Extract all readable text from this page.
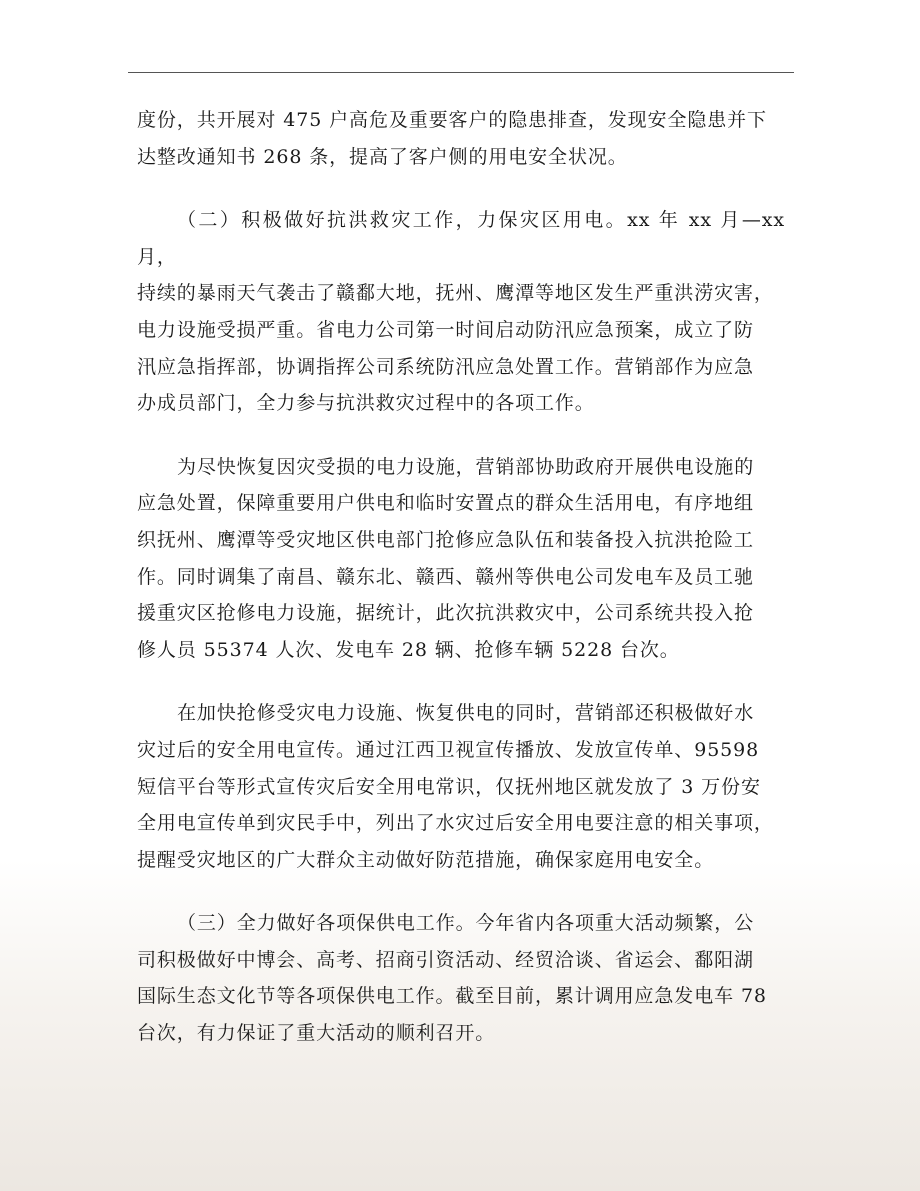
度份，共开展对 475 户高危及重要客户的隐患排查，发现安全隐患并下
达整改通知书 268 条，提高了客户侧的用电安全状况。

（二）积极做好抗洪救灾工作，力保灾区用电。xx 年 xx 月—xx 月，
持续的暴雨天气袭击了赣鄱大地，抚州、鹰潭等地区发生严重洪涝灾害，
电力设施受损严重。省电力公司第一时间启动防汛应急预案，成立了防
汛应急指挥部，协调指挥公司系统防汛应急处置工作。营销部作为应急
办成员部门，全力参与抗洪救灾过程中的各项工作。

为尽快恢复因灾受损的电力设施，营销部协助政府开展供电设施的
应急处置，保障重要用户供电和临时安置点的群众生活用电，有序地组
织抚州、鹰潭等受灾地区供电部门抢修应急队伍和装备投入抗洪抢险工
作。同时调集了南昌、赣东北、赣西、赣州等供电公司发电车及员工驰
援重灾区抢修电力设施，据统计，此次抗洪救灾中，公司系统共投入抢
修人员 55374 人次、发电车 28 辆、抢修车辆 5228 台次。

在加快抢修受灾电力设施、恢复供电的同时，营销部还积极做好水
灾过后的安全用电宣传。通过江西卫视宣传播放、发放宣传单、95598
短信平台等形式宣传灾后安全用电常识，仅抚州地区就发放了 3 万份安
全用电宣传单到灾民手中，列出了水灾过后安全用电要注意的相关事项，
提醒受灾地区的广大群众主动做好防范措施，确保家庭用电安全。

（三）全力做好各项保供电工作。今年省内各项重大活动频繁，公
司积极做好中博会、高考、招商引资活动、经贸洽谈、省运会、鄱阳湖
国际生态文化节等各项保供电工作。截至目前，累计调用应急发电车 78
台次，有力保证了重大活动的顺利召开。
